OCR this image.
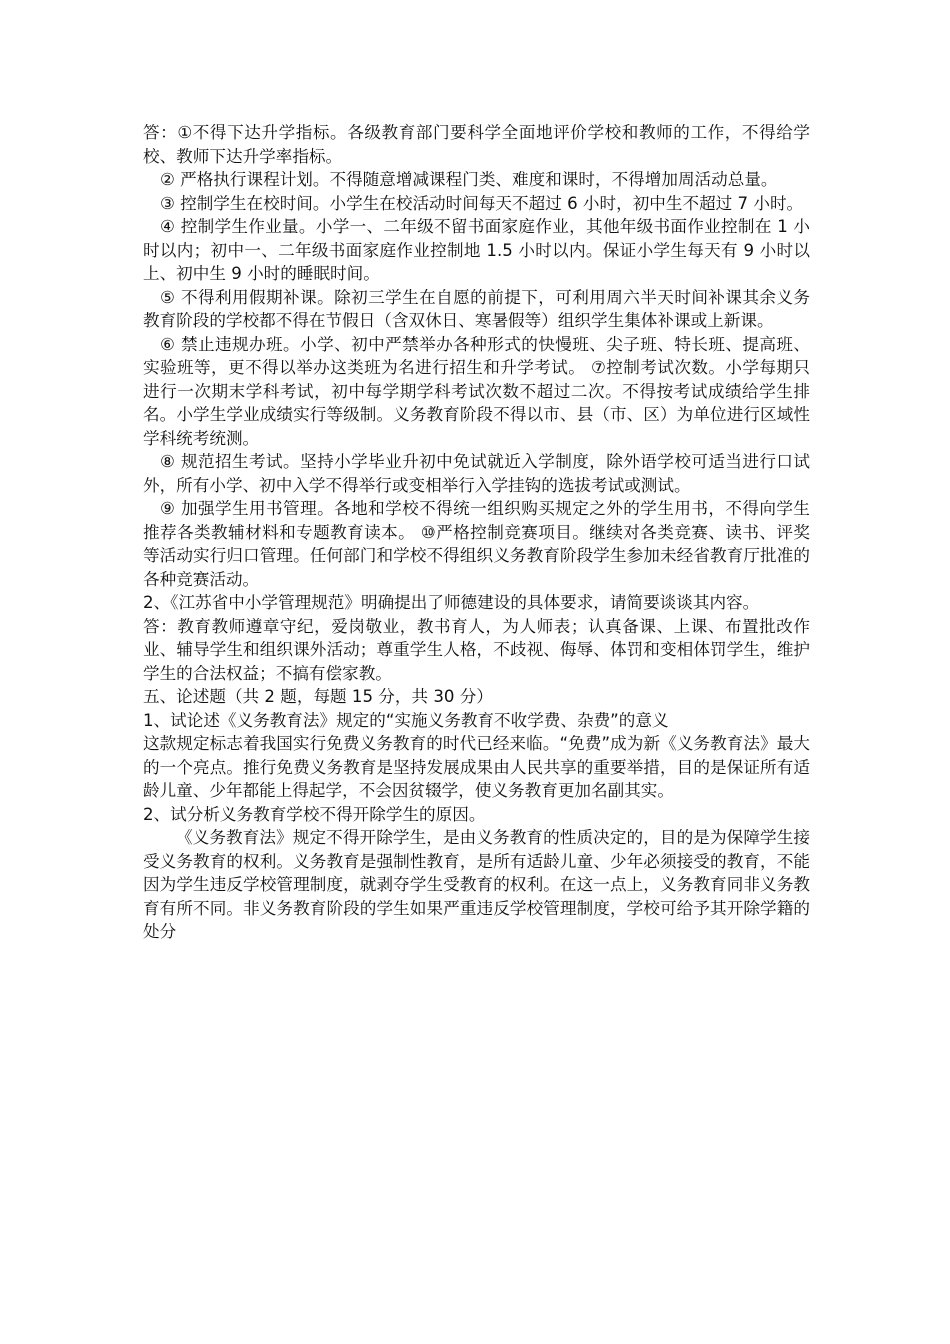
答：①不得下达升学指标。各级教育部门要科学全面地评价学校和教师的工作，不得给学校、教师下达升学率指标。

② 严格执行课程计划。不得随意增减课程门类、难度和课时，不得增加周活动总量。

③ 控制学生在校时间。小学生在校活动时间每天不超过 6 小时，初中生不超过 7 小时。

④ 控制学生作业量。小学一、二年级不留书面家庭作业，其他年级书面作业控制在 1 小时以内；初中一、二年级书面家庭作业控制地 1.5 小时以内。保证小学生每天有 9 小时以上、初中生 9 小时的睡眠时间。

⑤ 不得利用假期补课。除初三学生在自愿的前提下，可利用周六半天时间补课其余义务教育阶段的学校都不得在节假日（含双休日、寒暑假等）组织学生集体补课或上新课。

⑥ 禁止违规办班。小学、初中严禁举办各种形式的快慢班、尖子班、特长班、提高班、实验班等，更不得以举办这类班为名进行招生和升学考试。 ⑦控制考试次数。小学每期只进行一次期末学科考试，初中每学期学科考试次数不超过二次。不得按考试成绩给学生排名。小学生学业成绩实行等级制。义务教育阶段不得以市、县（市、区）为单位进行区域性学科统考统测。

⑧ 规范招生考试。坚持小学毕业升初中免试就近入学制度，除外语学校可适当进行口试外，所有小学、初中入学不得举行或变相举行入学挂钩的选拔考试或测试。

⑨ 加强学生用书管理。各地和学校不得统一组织购买规定之外的学生用书，不得向学生推荐各类教辅材料和专题教育读本。 ⑩严格控制竞赛项目。继续对各类竞赛、读书、评奖等活动实行归口管理。任何部门和学校不得组织义务教育阶段学生参加未经省教育厅批准的各种竞赛活动。

2、《江苏省中小学管理规范》明确提出了师德建设的具体要求，请简要谈谈其内容。

答：教育教师遵章守纪，爱岗敬业，教书育人，为人师表；认真备课、上课、布置批改作业、辅导学生和组织课外活动；尊重学生人格，不歧视、侮辱、体罚和变相体罚学生，维护学生的合法权益；不搞有偿家教。

五、论述题（共 2 题，每题 15 分，共 30 分）

1、试论述《义务教育法》规定的“实施义务教育不收学费、杂费”的意义

这款规定标志着我国实行免费义务教育的时代已经来临。“免费”成为新《义务教育法》最大的一个亮点。推行免费义务教育是坚持发展成果由人民共享的重要举措，目的是保证所有适龄儿童、少年都能上得起学，不会因贫辍学，使义务教育更加名副其实。

2、试分析义务教育学校不得开除学生的原因。

《义务教育法》规定不得开除学生，是由义务教育的性质决定的，目的是为保障学生接受义务教育的权利。义务教育是强制性教育，是所有适龄儿童、少年必须接受的教育，不能因为学生违反学校管理制度，就剥夺学生受教育的权利。在这一点上，义务教育同非义务教育有所不同。非义务教育阶段的学生如果严重违反学校管理制度，学校可给予其开除学籍的处分
